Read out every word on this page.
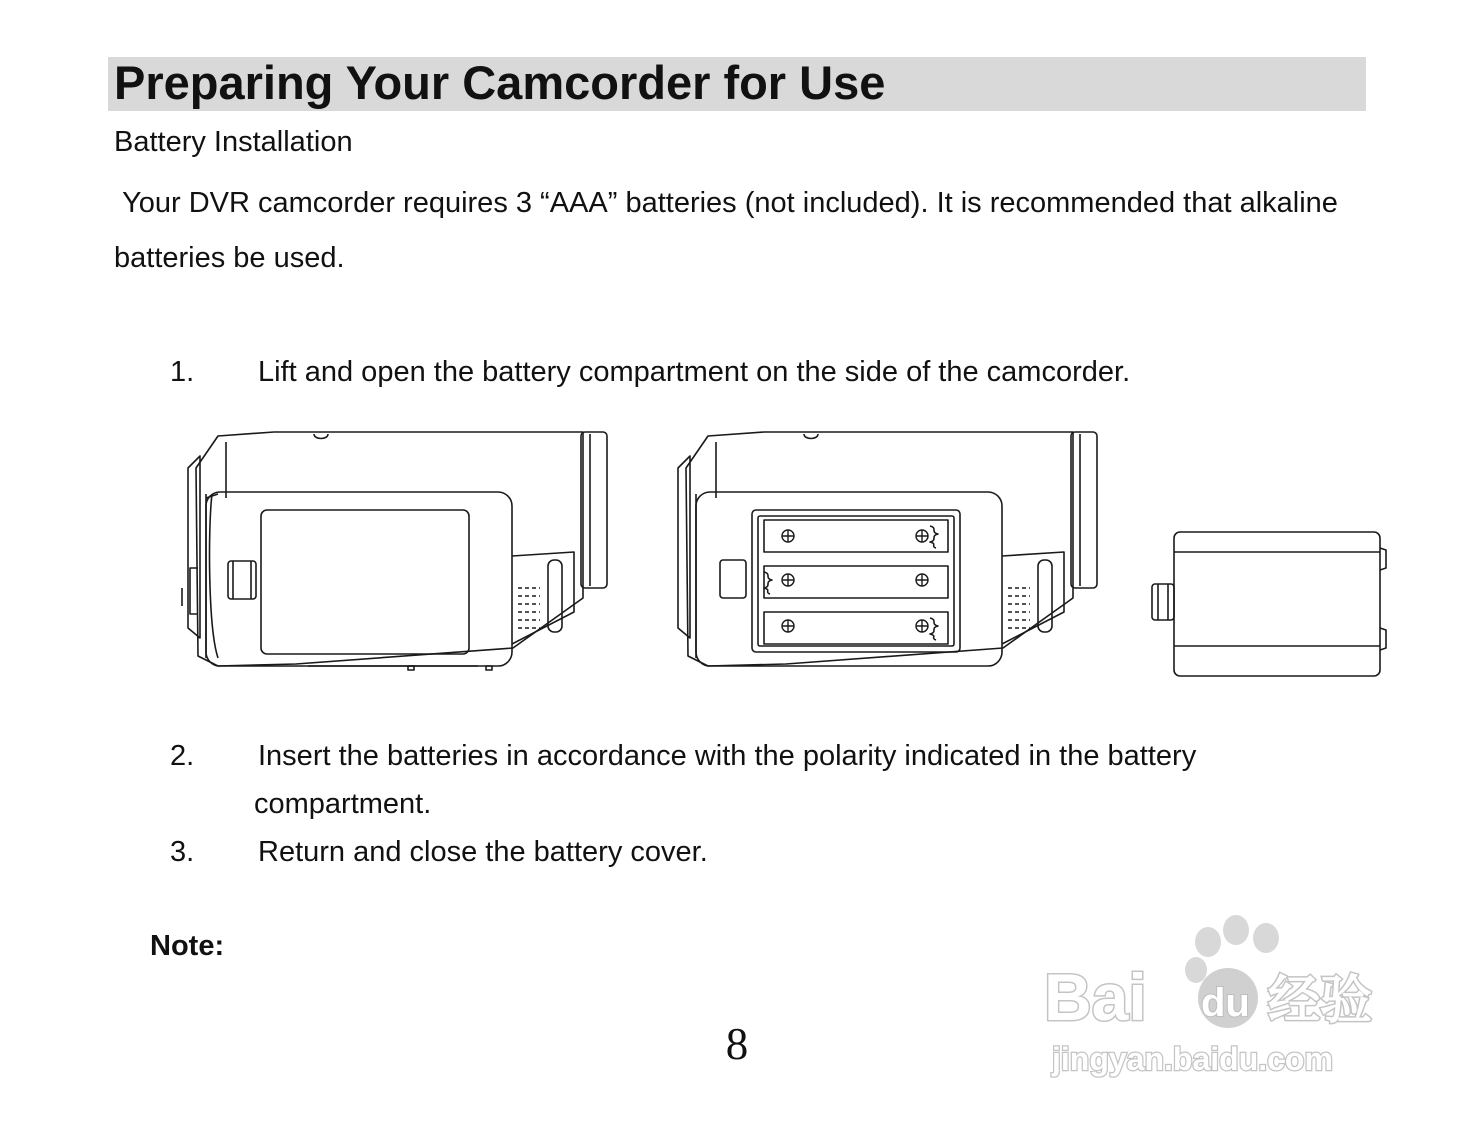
Preparing Your Camcorder for Use
Battery Installation
Your DVR camcorder requires 3 “AAA” batteries (not included). It is recommended that alkaline batteries be used.
1. Lift and open the battery compartment on the side of the camcorder.
2. Insert the batteries in accordance with the polarity indicated in the battery
compartment.
3. Return and close the battery cover.
Note:
8
Bai du 经验
jingyan.baidu.com
